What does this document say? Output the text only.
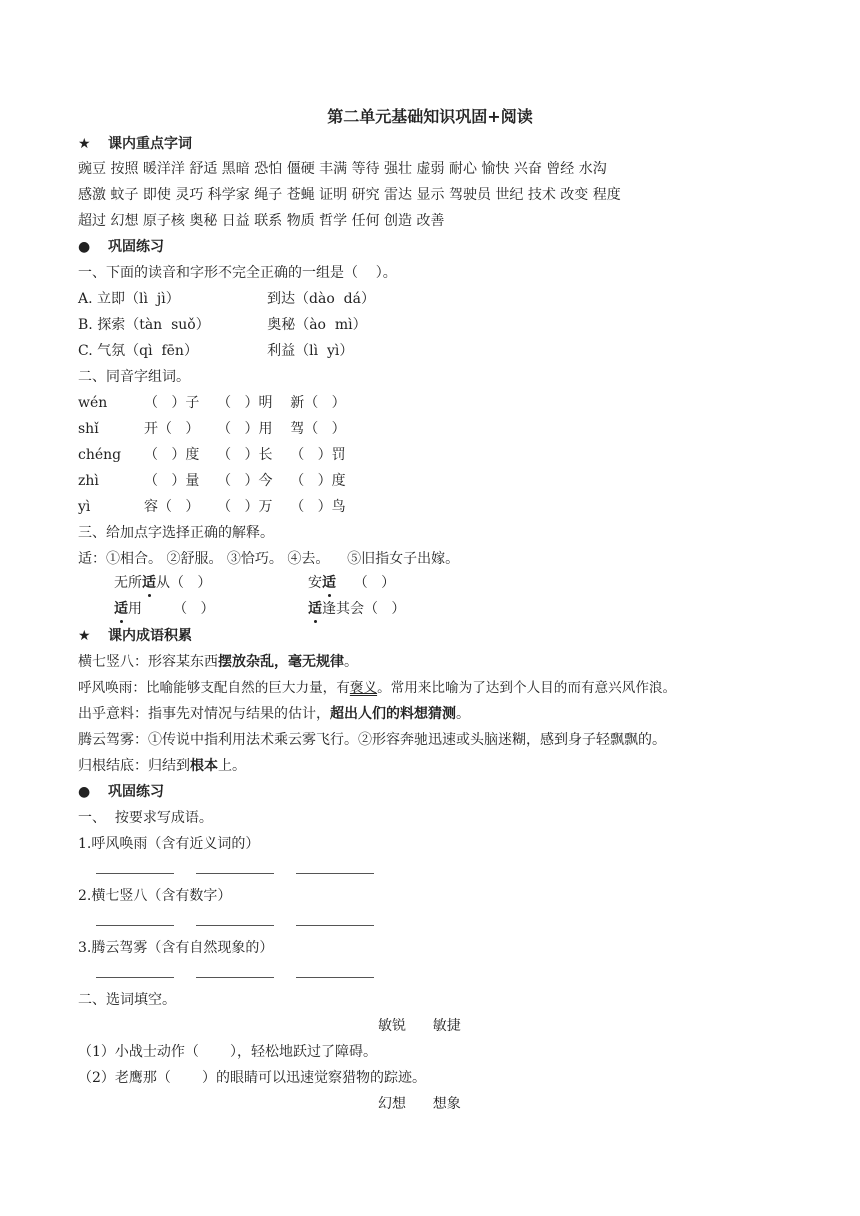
第二单元基础知识巩固+阅读
★ 课内重点字词
豌豆 按照 暖洋洋 舒适 黑暗 恐怕 僵硬 丰满 等待 强壮 虚弱 耐心 愉快 兴奋 曾经 水沟
感激 蚊子 即使 灵巧 科学家 绳子 苍蝇 证明 研究 雷达 显示 驾驶员 世纪 技术 改变 程度
超过 幻想 原子核 奥秘 日益 联系 物质 哲学 任何 创造 改善
● 巩固练习
一、下面的读音和字形不完全正确的一组是（    ）。
A. 立即（lì  jì）	到达（dào  dá）
B. 探索（tàn  suǒ）	奥秘（ào  mì）
C. 气氛（qì  fēn）	利益（lì  yì）
二、同音字组词。
wén	（   ）子    （   ）明    新（   ）
shǐ	开（   ）    （   ）用    驾（   ）
chéng （   ）度    （   ）长    （   ）罚
zhì	（   ）量    （   ）今    （   ）度
yì	容（   ）    （   ）万    （   ）鸟
三、给加点字选择正确的解释。
适：①相合。 ②舒服。 ③恰巧。 ④去。    ⑤旧指女子出嫁。
无所适从（   ）	安适    （   ）
适用       （   ）	适逢其会（   ）
★ 课内成语积累
横七竖八：形容某东西摆放杂乱，毫无规律。
呼风唤雨：比喻能够支配自然的巨大力量，有褒义。常用来比喻为了达到个人目的而有意兴风作浪。
出乎意料：指事先对情况与结果的估计，超出人们的料想猜测。
腾云驾雾：①传说中指利用法术乘云雾飞行。②形容奔驰迅速或头脑迷糊，感到身子轻飘飘的。
归根结底：归结到根本上。
● 巩固练习
一、  按要求写成语。
1.呼风唤雨（含有近义词的）
2.横七竖八（含有数字）
3.腾云驾雾（含有自然现象的）
二、选词填空。
敏锐      敏捷
（1）小战士动作（       ），轻松地跃过了障碍。
（2）老鹰那（       ）的眼睛可以迅速觉察猎物的踪迹。
幻想      想象
